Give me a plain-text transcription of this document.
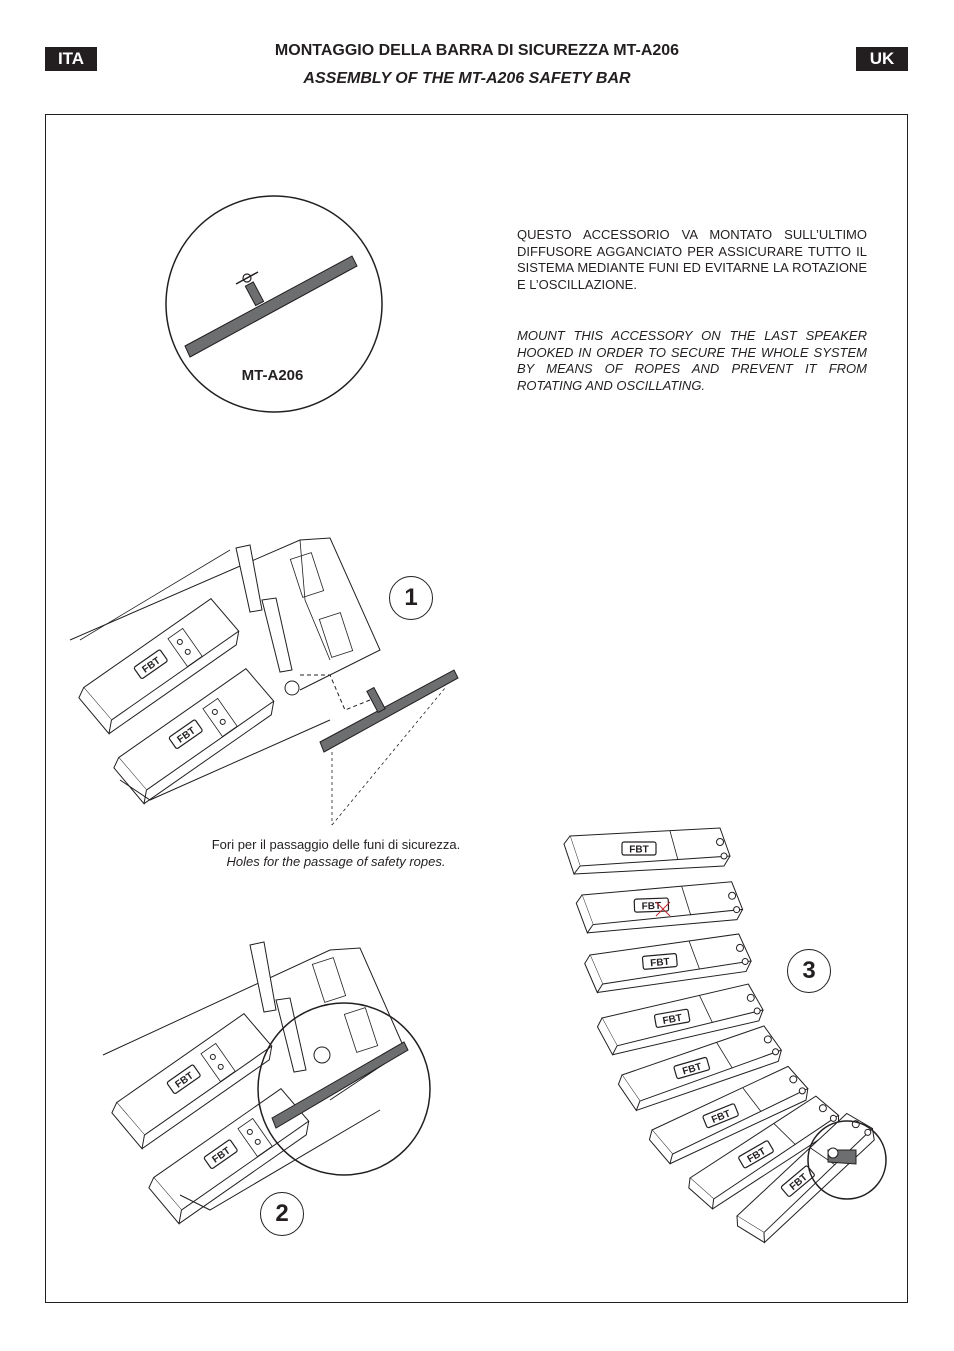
ITA	UK
MONTAGGIO DELLA BARRA DI SICUREZZA MT-A206
ASSEMBLY OF THE MT-A206 SAFETY BAR
FBT
FBT
MT-A206
QUESTO ACCESSORIO VA MONTATO SULL’ULTIMO DIFFUSORE AGGANCIATO PER ASSICURARE TUTTO IL SISTEMA MEDIANTE FUNI ED EVITARNE LA ROTAZIONE E L’OSCILLAZIONE.
MOUNT THIS ACCESSORY ON THE LAST SPEAKER HOOKED IN ORDER TO SECURE THE WHOLE SYSTEM BY MEANS OF ROPES AND PREVENT IT FROM ROTATING AND OSCILLATING.
Fori per il passaggio delle funi di sicurezza.
Holes for the passage of safety ropes.
1
2
3
